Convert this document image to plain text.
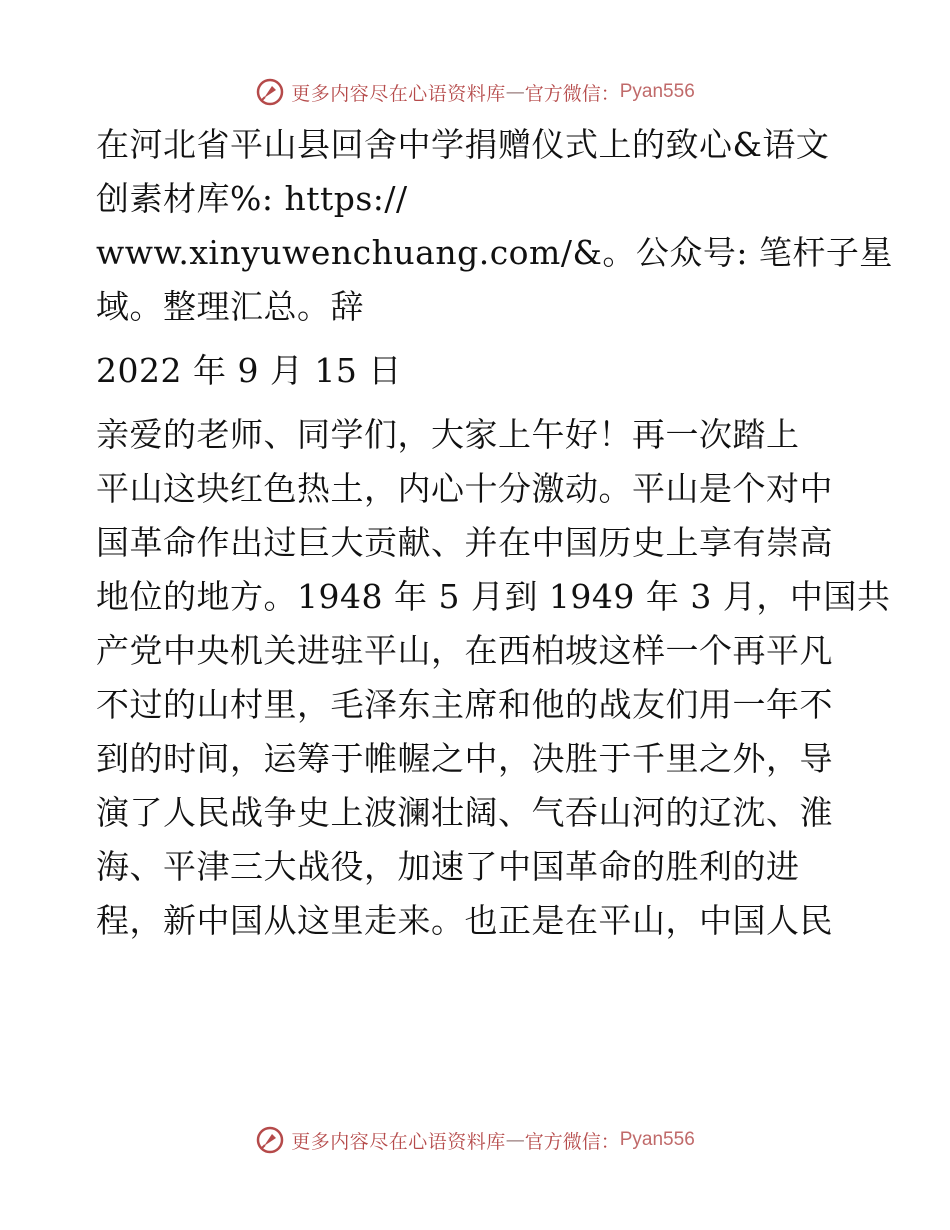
更多内容尽在心语资料库 — 官方微信： Pyan556
在河北省平山县回舍中学捐赠仪式上的致心&语文
创素材库%: https://
www.xinyuwenchuang.com/&。公众号: 笔杆子星
域。整理汇总。辞
2022 年 9 月 15 日
亲爱的老师、同学们，大家上午好！再一次踏上
平山这块红色热土，内心十分激动。平山是个对中
国革命作出过巨大贡献、并在中国历史上享有崇高
地位的地方。1948 年 5 月到 1949 年 3 月，中国共
产党中央机关进驻平山，在西柏坡这样一个再平凡
不过的山村里，毛泽东主席和他的战友们用一年不
到的时间，运筹于帷幄之中，决胜于千里之外，导
演了人民战争史上波澜壮阔、气吞山河的辽沈、淮
海、平津三大战役，加速了中国革命的胜利的进
程，新中国从这里走来。也正是在平山，中国人民
更多内容尽在心语资料库 — 官方微信： Pyan556
